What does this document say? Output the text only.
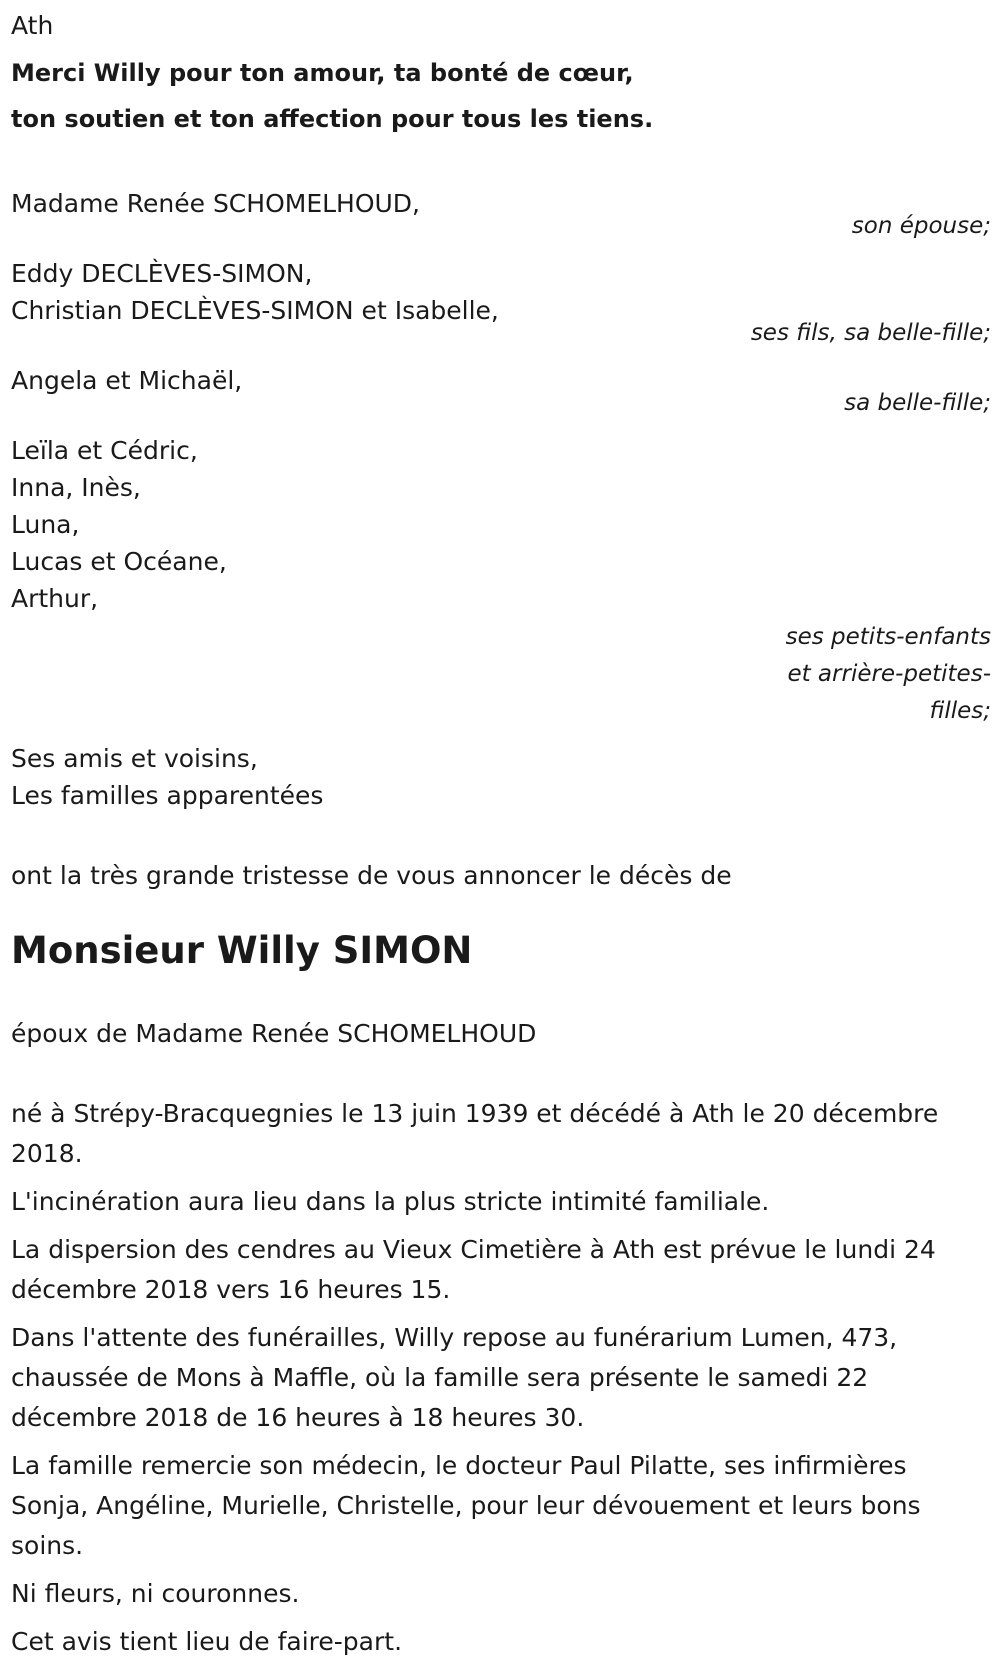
Ath
Merci Willy pour ton amour, ta bonté de cœur,
ton soutien et ton affection pour tous les tiens.
Madame Renée SCHOMELHOUD,
son épouse;
Eddy DECLÈVES-SIMON,
Christian DECLÈVES-SIMON et Isabelle,
ses fils, sa belle-fille;
Angela et Michaël,
sa belle-fille;
Leïla et Cédric,
Inna, Inès,
Luna,
Lucas et Océane,
Arthur,
ses petits-enfants
et arrière-petites-
filles;
Ses amis et voisins,
Les familles apparentées
ont la très grande tristesse de vous annoncer le décès de
Monsieur Willy SIMON
époux de Madame Renée SCHOMELHOUD
né à Strépy-Bracquegnies le 13 juin 1939 et décédé à Ath le 20 décembre 2018.
L'incinération aura lieu dans la plus stricte intimité familiale.
La dispersion des cendres au Vieux Cimetière à Ath est prévue le lundi 24 décembre 2018 vers 16 heures 15.
Dans l'attente des funérailles, Willy repose au funérarium Lumen, 473, chaussée de Mons à Maffle, où la famille sera présente le samedi 22 décembre 2018 de 16 heures à 18 heures 30.
La famille remercie son médecin, le docteur Paul Pilatte, ses infirmières Sonja, Angéline, Murielle, Christelle, pour leur dévouement et leurs bons soins.
Ni fleurs, ni couronnes.
Cet avis tient lieu de faire-part.
